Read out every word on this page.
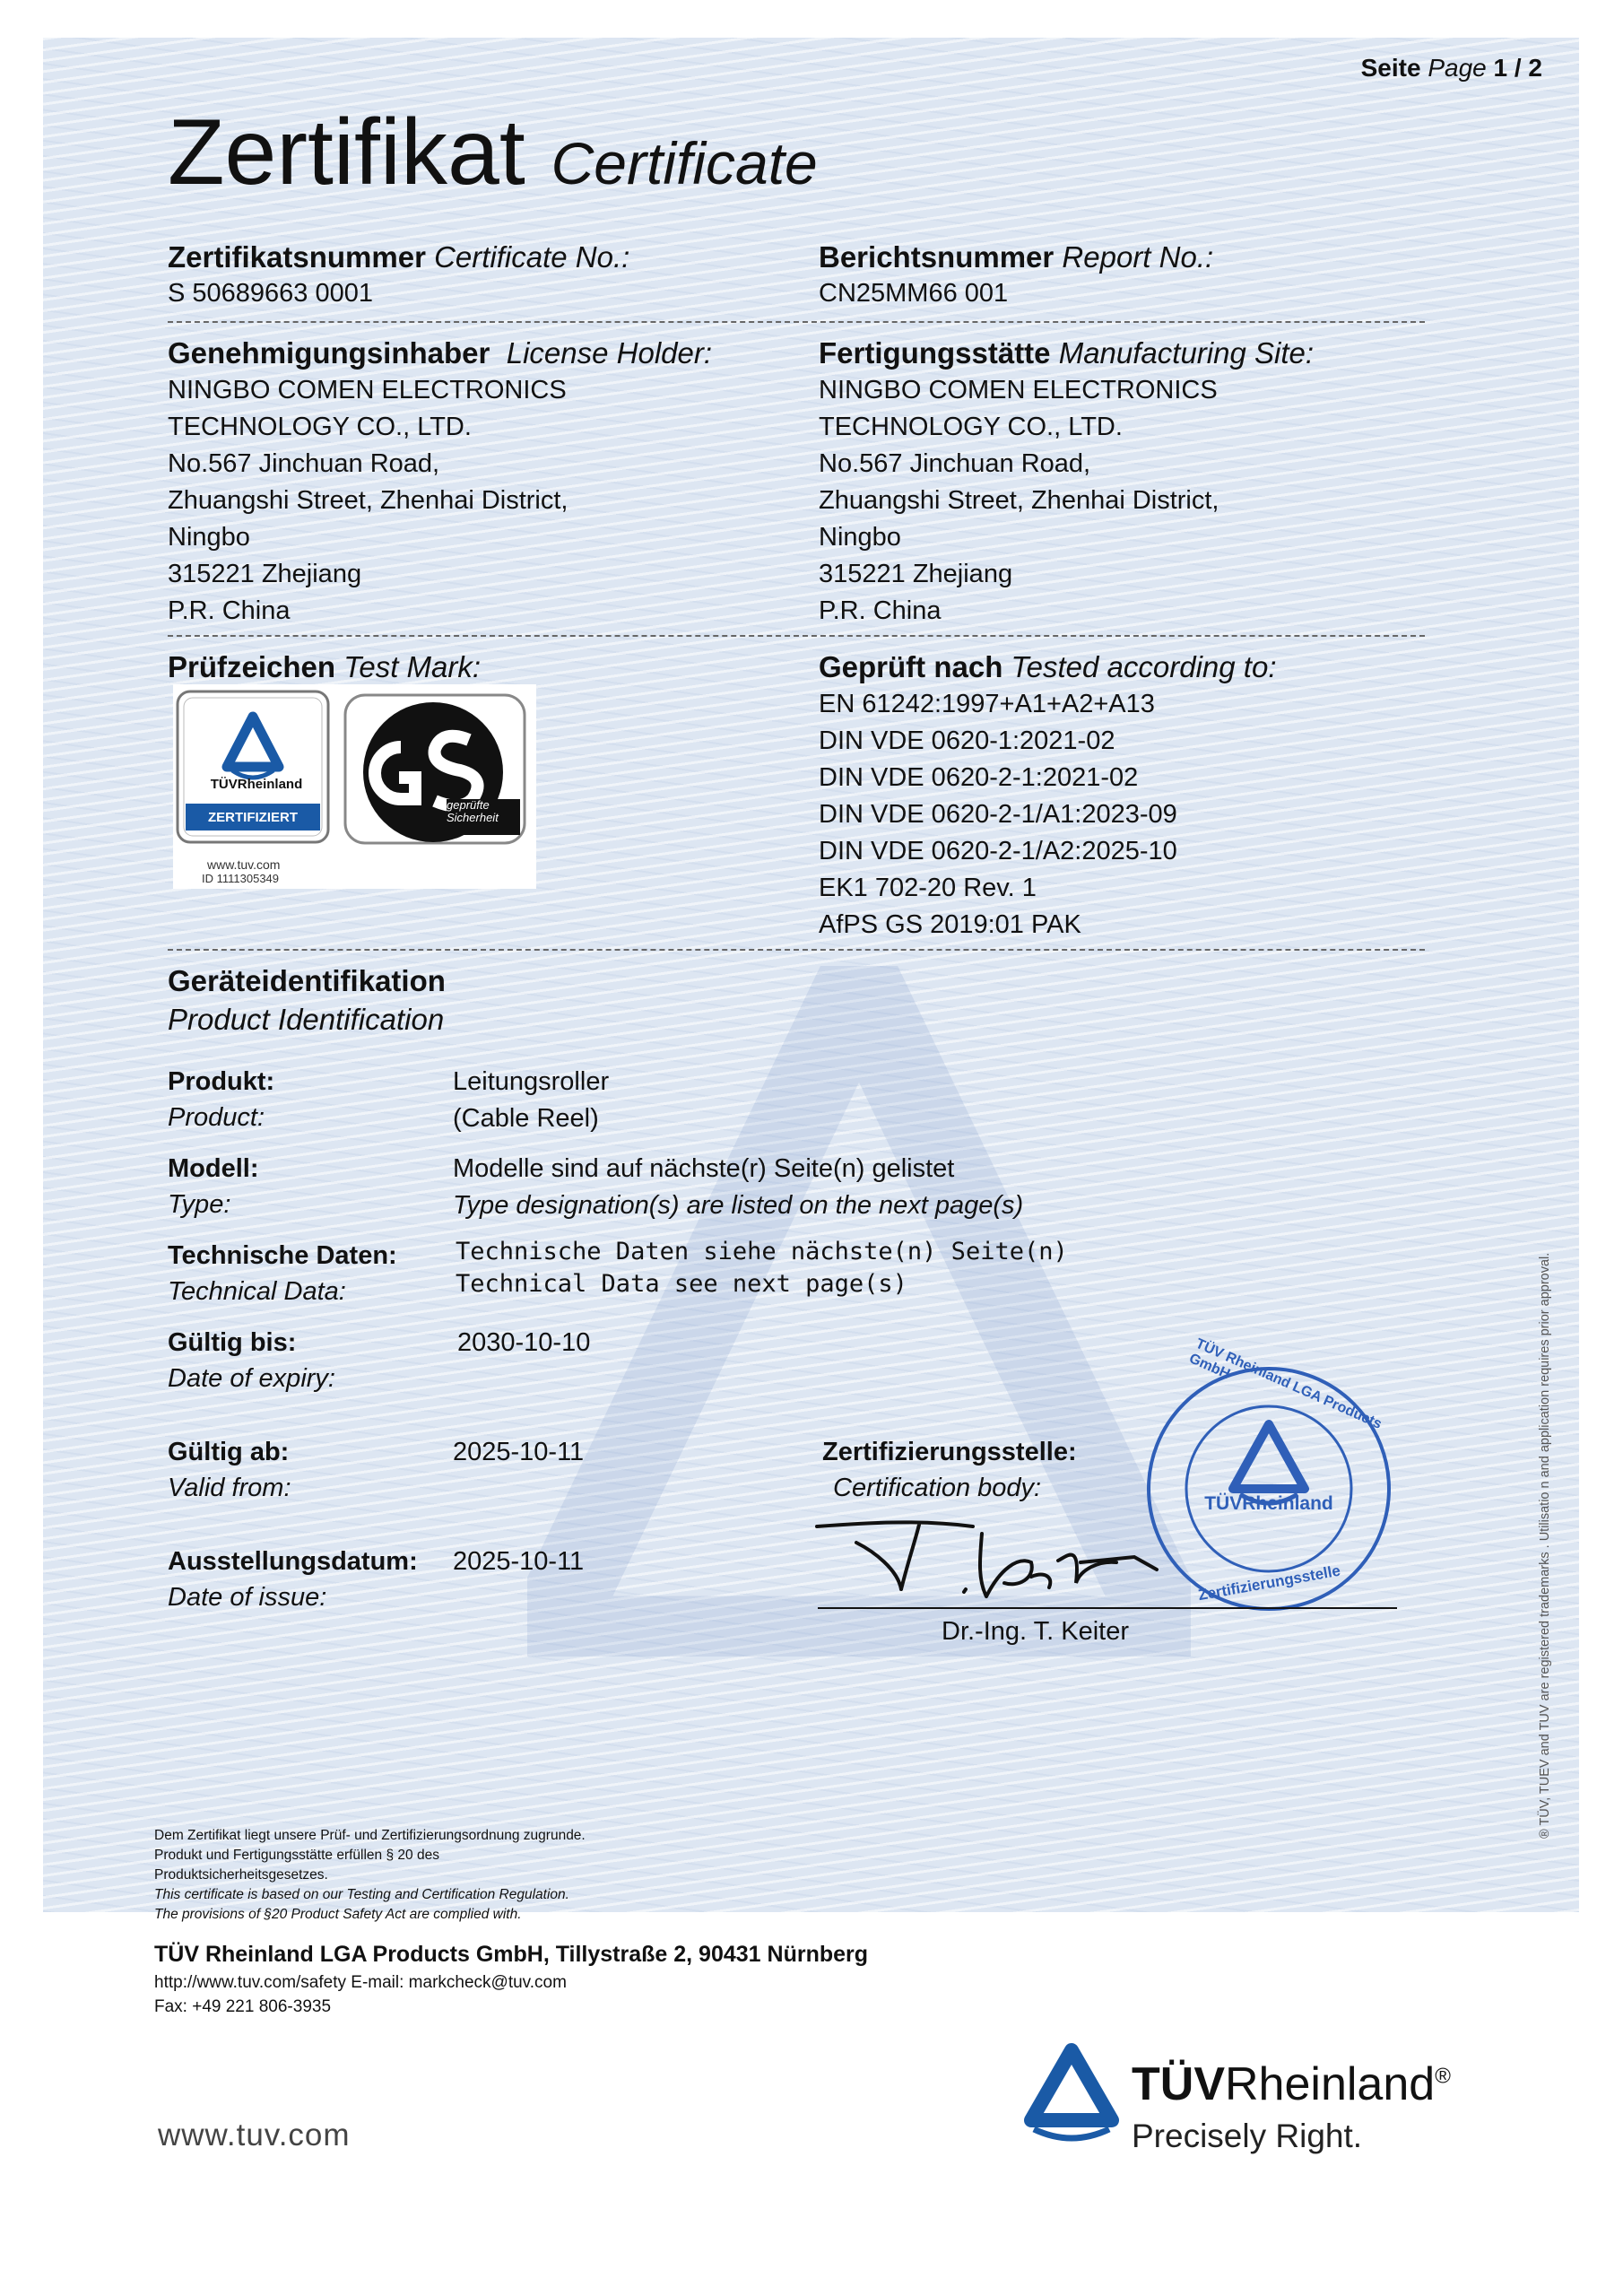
Seite Page 1 / 2
Zertifikat Certificate
Zertifikatsnummer Certificate No.:
S 50689663 0001
Berichtsnummer Report No.:
CN25MM66 001
Genehmigungsinhaber License Holder:
NINGBO COMEN ELECTRONICS
TECHNOLOGY CO., LTD.
No.567 Jinchuan Road,
Zhuangshi Street, Zhenhai District,
Ningbo
315221 Zhejiang
P.R. China
Fertigungsstätte Manufacturing Site:
NINGBO COMEN ELECTRONICS
TECHNOLOGY CO., LTD.
No.567 Jinchuan Road,
Zhuangshi Street, Zhenhai District,
Ningbo
315221 Zhejiang
P.R. China
Prüfzeichen Test Mark:
TÜVRheinland
ZERTIFIZIERT
geprüfte Sicherheit
www.tuv.com
ID 1111305349
Geprüft nach Tested according to:
EN 61242:1997+A1+A2+A13
DIN VDE 0620-1:2021-02
DIN VDE 0620-2-1:2021-02
DIN VDE 0620-2-1/A1:2023-09
DIN VDE 0620-2-1/A2:2025-10
EK1 702-20 Rev. 1
AfPS GS 2019:01 PAK
Geräteidentifikation
Product Identification
Produkt:
Product:
Leitungsroller
(Cable Reel)
Modell:
Type:
Modelle sind auf nächste(r) Seite(n) gelistet
Type designation(s) are listed on the next page(s)
Technische Daten:
Technical Data:
Technische Daten siehe nächste(n) Seite(n)
Technical Data see next page(s)
Gültig bis:
Date of expiry:
2030-10-10
Gültig ab:
Valid from:
2025-10-11
Ausstellungsdatum:
Date of issue:
2025-10-11
Zertifizierungsstelle:
Certification body:
TÜVRheinland
TÜV Rheinland LGA Products GmbH
Zertifizierungsstelle
Dr.-Ing. T. Keiter	® TÜV, TUEV and TUV are registered trademarks . Utilisatio n and application requires prior approval.
Dem Zertifikat liegt unsere Prüf- und Zertifizierungsordnung zugrunde.
Produkt und Fertigungsstätte erfüllen § 20 des
Produktsicherheitsgesetzes.
This certificate is based on our Testing and Certification Regulation.
The provisions of §20 Product Safety Act are complied with.
TÜV Rheinland LGA Products GmbH, Tillystraße 2, 90431 Nürnberg
http://www.tuv.com/safety E-mail: markcheck@tuv.com
Fax: +49 221 806-3935
www.tuv.com
TÜVRheinland®
Precisely Right.
